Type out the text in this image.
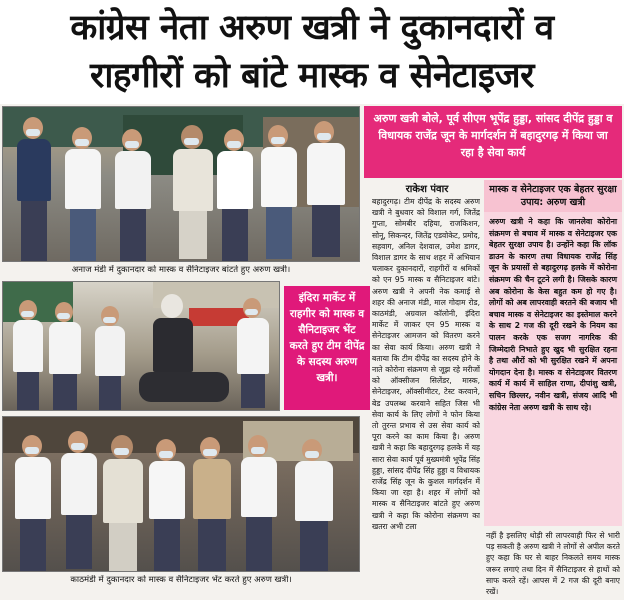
कांग्रेस नेता अरुण खत्री ने दुकानदारों व
राहगीरों को बांटे मास्क व सेनेटाइजर
अनाज मंडी में दुकानदार को मास्क व सैनिटाइजर बांटते हुए अरुण खत्री।
इंदिरा मार्केट में राहगीर को मास्क व सैनिटाइजर भेंट करते हुए टीम दीपेंद्र के सदस्य अरुण खत्री।
काठमंडी में दुकानदार को मास्क व सैनिटाइजर भेंट करते हुए अरुण खत्री।
अरुण खत्री बोले, पूर्व सीएम भूपेंद्र हुड्डा, सांसद दीपेंद्र हुड्डा व विधायक राजेंद्र जून के मार्गदर्शन में बहादुरगढ़ में किया जा रहा है सेवा कार्य
राकेश पंवार
बहादुरगढ़। टीम दीपेंद्र के सदस्य अरुण खत्री ने बुधवार को विशाल गर्ग, जितेंद्र गुप्ता, सोमबीर दहिया, राजकिशन, सोनू, सिकन्दर, जितेंद्र एडवोकेट, प्रमोद, सहवाग, अनिल देशवाल, उमेश डागर, विशाल डागर के साथ शहर में अभियान चलाकर दुकानदारों, राहगीरों व श्रमिकों को एन 95 मास्क व सैनिटाइजर बांटे। अरुण खत्री ने अपनी नेक कमाई से शहर की अनाज मंडी, माल गोदाम रोड, काठमंडी, अग्रवाल कॉलोनी, इंदिरा मार्केट में जाकर एन 95 मास्क व सेनेटाइजर आमजन को वितरण करने का सेवा कार्य किया। अरुण खत्री ने बताया कि टीम दीपेंद्र का सदस्य होने के नाते कोरोना संक्रमण से जूझ रहे मरीजों को ऑक्सीजन सिलेंडर, मास्क, सेनेटाइजर, ऑक्सीमीटर, टेस्ट करवाने, बेड उपलब्ध करवाने सहित जिस भी सेवा कार्य के लिए लोगों ने फोन किया तो तुरन्त प्रभाव से उस सेवा कार्य को पूरा करने का काम किया है। अरुण खत्री ने कहा कि बहादुरगढ़ हलके में यह सारा सेवा कार्य पूर्व मुख्यमंत्री भूपेंद्र सिंह हुड्डा, सांसद दीपेंद्र सिंह हुड्डा व विधायक राजेंद्र सिंह जून के कुशल मार्गदर्शन में किया जा रहा है। शहर में लोगों को मास्क व सैनिटाइजर बांटते हुए अरुण खत्री ने कहा कि कोरोना संक्रमण का खतरा अभी टला
मास्क व सेनेटाइजर एक बेहतर सुरक्षा उपाय: अरुण खत्री
अरुण खत्री ने कहा कि जानलेवा कोरोना संक्रमण से बचाव में मास्क व सेनेटाइजर एक बेहतर सुरक्षा उपाय है। उन्होंने कहा कि लॉक डाउन के कारण तथा विधायक राजेंद्र सिंह जून के प्रयासों से बहादुरगढ़ हलके में कोरोना संक्रमण की चैन टूटने लगी है। जिसके कारण अब कोरोना के केस बहुत कम हो गए है। लोगों को अब लापरवाही बरतने की बजाय भी बचाव मास्क व सेनेटाइजर का इस्तेमाल करने के साथ 2 गज की दूरी रखने के नियम का पालन करके एक सजग नागरिक की जिम्मेदारी निभाते हुए खुद भी सुरक्षित रहना है तथा औरों को भी सुरक्षित रखने में अपना योगदान देना है। मास्क व सेनेटाइजर वितरण कार्य में कार्य में साहिल राणा, दीपांशु खत्री, सचिन छिल्लर, नवीन खत्री, संजय आदि भी कांग्रेस नेता अरुण खत्री के साथ रहे।
नहीं है इसलिए थोड़ी सी लापरवाही फिर से भारी पड़ सकती है अरुण खत्री ने लोगों से अपील करते हुए कहा कि घर से बाहर निकलते समय मास्क जरूर लगाएं तथा दिन में सैनिटाइजर से हाथों को साफ करते रहें। आपस में 2 गज की दूरी बनाए रखें।
